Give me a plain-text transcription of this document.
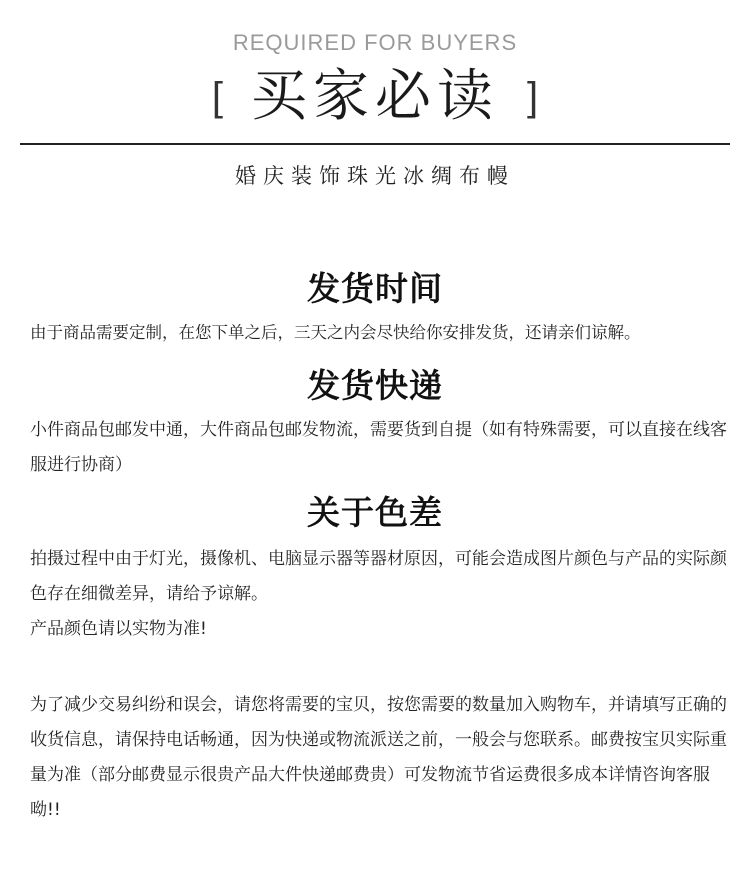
REQUIRED FOR BUYERS
[ 买家必读 ]
婚庆装饰珠光冰绸布幔
发货时间
由于商品需要定制，在您下单之后，三天之内会尽快给你安排发货，还请亲们谅解。
发货快递
小件商品包邮发中通，大件商品包邮发物流，需要货到自提（如有特殊需要，可以直接在线客服进行协商）
关于色差
拍摄过程中由于灯光，摄像机、电脑显示器等器材原因，可能会造成图片颜色与产品的实际颜色存在细微差异，请给予谅解。
产品颜色请以实物为准!
为了减少交易纠纷和误会，请您将需要的宝贝，按您需要的数量加入购物车，并请填写正确的收货信息，请保持电话畅通，因为快递或物流派送之前，一般会与您联系。邮费按宝贝实际重量为准（部分邮费显示很贵产品大件快递邮费贵）可发物流节省运费很多成本详情咨询客服呦!!
